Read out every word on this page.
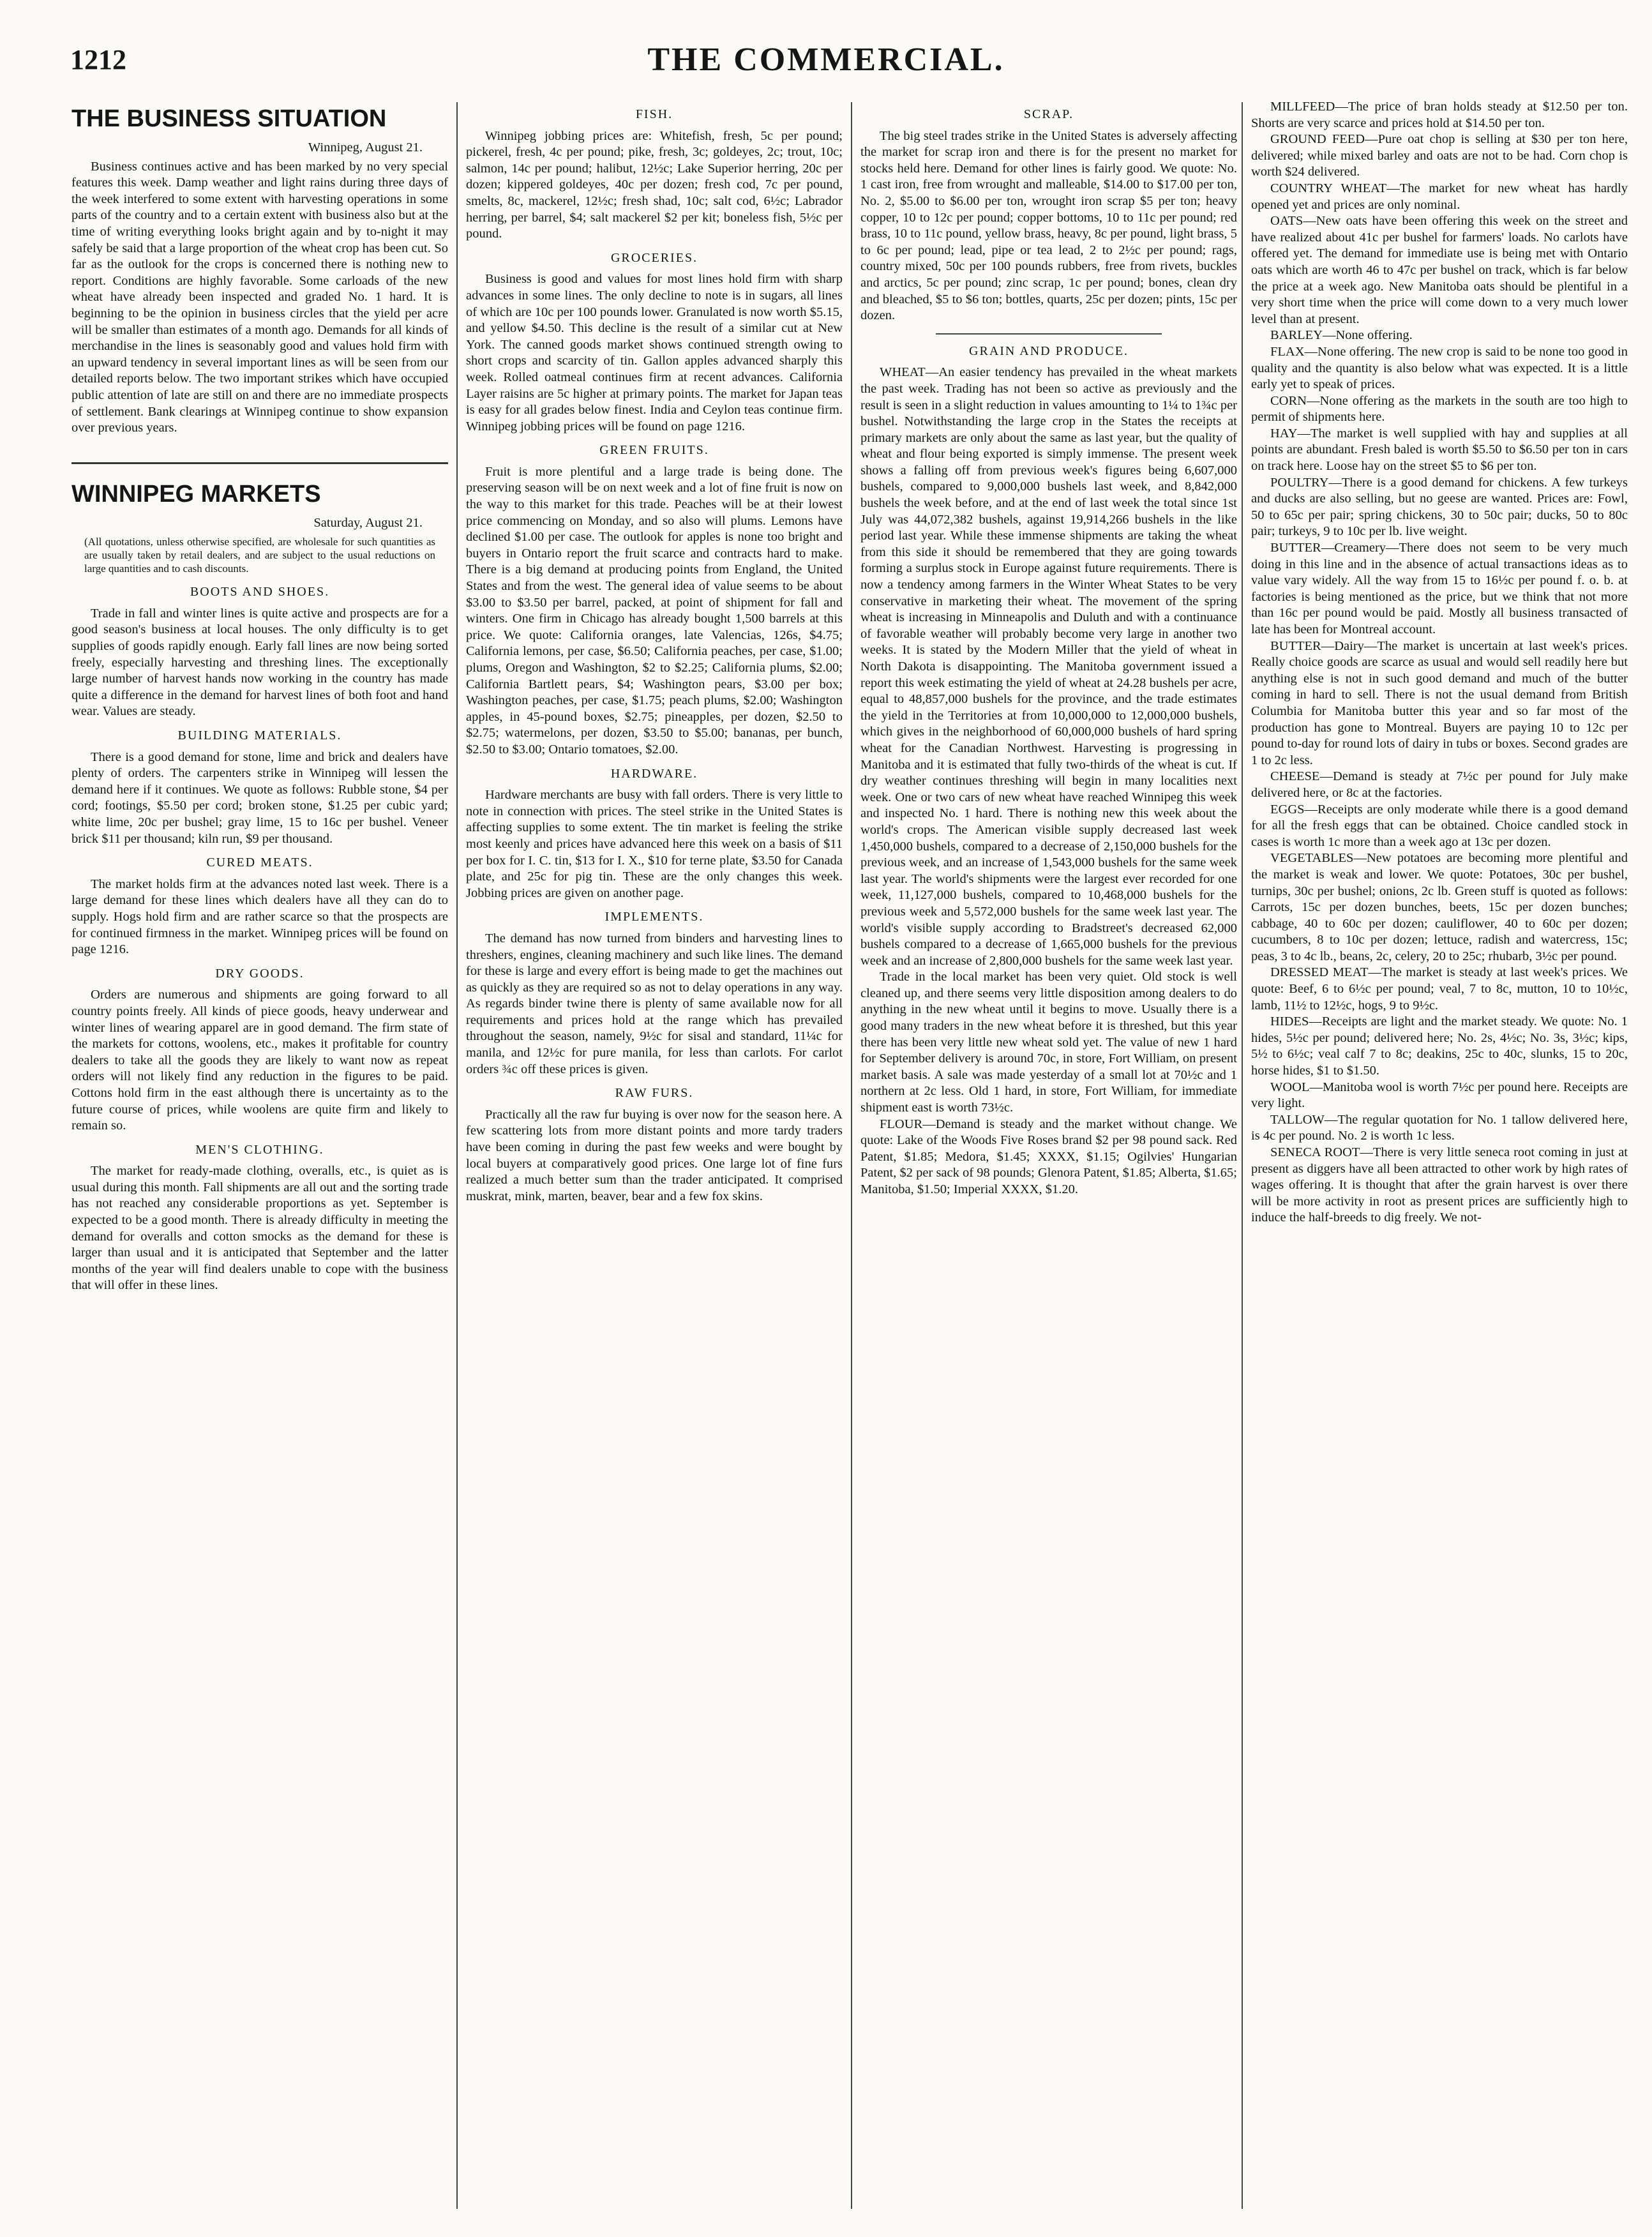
1212	THE COMMERCIAL.
THE BUSINESS SITUATION
Winnipeg, August 21.

Business continues active and has been marked by no very special features this week. Damp weather and light rains during three days of the week interfered to some extent with harvesting operations in some parts of the country and to a certain extent with business also but at the time of writing everything looks bright again and by to-night it may safely be said that a large proportion of the wheat crop has been cut. So far as the outlook for the crops is concerned there is nothing new to report. Conditions are highly favorable. Some carloads of the new wheat have already been inspected and graded No. 1 hard. It is beginning to be the opinion in business circles that the yield per acre will be smaller than estimates of a month ago. Demands for all kinds of merchandise in the lines is seasonably good and values hold firm with an upward tendency in several important lines as will be seen from our detailed reports below. The two important strikes which have occupied public attention of late are still on and there are no immediate prospects of settlement. Bank clearings at Winnipeg continue to show expansion over previous years.

WINNIPEG MARKETS
Saturday, August 21.
(All quotations, unless otherwise specified, are wholesale for such quantities as are usually taken by retail dealers, and are subject to the usual reductions on large quantities and to cash discounts.
BOOTS AND SHOES.

Trade in fall and winter lines is quite active and prospects are for a good season's business at local houses. The only difficulty is to get supplies of goods rapidly enough. Early fall lines are now being sorted freely, especially harvesting and threshing lines. The exceptionally large number of harvest hands now working in the country has made quite a difference in the demand for harvest lines of both foot and hand wear. Values are steady.

BUILDING MATERIALS.

There is a good demand for stone, lime and brick and dealers have plenty of orders. The carpenters strike in Winnipeg will lessen the demand here if it continues. We quote as follows: Rubble stone, $4 per cord; footings, $5.50 per cord; broken stone, $1.25 per cubic yard; white lime, 20c per bushel; gray lime, 15 to 16c per bushel. Veneer brick $11 per thousand; kiln run, $9 per thousand.

CURED MEATS.

The market holds firm at the advances noted last week. There is a large demand for these lines which dealers have all they can do to supply. Hogs hold firm and are rather scarce so that the prospects are for continued firmness in the market. Winnipeg prices will be found on page 1216.

DRY GOODS.

Orders are numerous and shipments are going forward to all country points freely. All kinds of piece goods, heavy underwear and winter lines of wearing apparel are in good demand. The firm state of the markets for cottons, woolens, etc., makes it profitable for country dealers to take all the goods they are likely to want now as repeat orders will not likely find any reduction in the figures to be paid. Cottons hold firm in the east although there is uncertainty as to the future course of prices, while woolens are quite firm and likely to remain so.

MEN'S CLOTHING.

The market for ready-made clothing, overalls, etc., is quiet as is usual during this month. Fall shipments are all out and the sorting trade has not reached any considerable proportions as yet. September is expected to be a good month. There is already difficulty in meeting the demand for overalls and cotton smocks as the demand for these is larger than usual and it is anticipated that September and the latter months of the year will find dealers unable to cope with the business that will offer in these lines.

FISH.

Winnipeg jobbing prices are: Whitefish, fresh, 5c per pound; pickerel, fresh, 4c per pound; pike, fresh, 3c; goldeyes, 2c; trout, 10c; salmon, 14c per pound; halibut, 12½c; Lake Superior herring, 20c per dozen; kippered goldeyes, 40c per dozen; fresh cod, 7c per pound, smelts, 8c, mackerel, 12½c; fresh shad, 10c; salt cod, 6½c; Labrador herring, per barrel, $4; salt mackerel $2 per kit; boneless fish, 5½c per pound.

GROCERIES.

Business is good and values for most lines hold firm with sharp advances in some lines. The only decline to note is in sugars, all lines of which are 10c per 100 pounds lower. Granulated is now worth $5.15, and yellow $4.50. This decline is the result of a similar cut at New York. The canned goods market shows continued strength owing to short crops and scarcity of tin. Gallon apples advanced sharply this week. Rolled oatmeal continues firm at recent advances. California Layer raisins are 5c higher at primary points. The market for Japan teas is easy for all grades below finest. India and Ceylon teas continue firm. Winnipeg jobbing prices will be found on page 1216.

GREEN FRUITS.

Fruit is more plentiful and a large trade is being done. The preserving season will be on next week and a lot of fine fruit is now on the way to this market for this trade. Peaches will be at their lowest price commencing on Monday, and so also will plums. Lemons have declined $1.00 per case. The outlook for apples is none too bright and buyers in Ontario report the fruit scarce and contracts hard to make. There is a big demand at producing points from England, the United States and from the west. The general idea of value seems to be about $3.00 to $3.50 per barrel, packed, at point of shipment for fall and winters. One firm in Chicago has already bought 1,500 barrels at this price. We quote: California oranges, late Valencias, 126s, $4.75; California lemons, per case, $6.50; California peaches, per case, $1.00; plums, Oregon and Washington, $2 to $2.25; California plums, $2.00; California Bartlett pears, $4; Washington pears, $3.00 per box; Washington peaches, per case, $1.75; peach plums, $2.00; Washington apples, in 45-pound boxes, $2.75; pineapples, per dozen, $2.50 to $2.75; watermelons, per dozen, $3.50 to $5.00; bananas, per bunch, $2.50 to $3.00; Ontario tomatoes, $2.00.

HARDWARE.

Hardware merchants are busy with fall orders. There is very little to note in connection with prices. The steel strike in the United States is affecting supplies to some extent. The tin market is feeling the strike most keenly and prices have advanced here this week on a basis of $11 per box for I. C. tin, $13 for I. X., $10 for terne plate, $3.50 for Canada plate, and 25c for pig tin. These are the only changes this week. Jobbing prices are given on another page.

IMPLEMENTS.

The demand has now turned from binders and harvesting lines to threshers, engines, cleaning machinery and such like lines. The demand for these is large and every effort is being made to get the machines out as quickly as they are required so as not to delay operations in any way. As regards binder twine there is plenty of same available now for all requirements and prices hold at the range which has prevailed throughout the season, namely, 9½c for sisal and standard, 11¼c for manila, and 12½c for pure manila, for less than carlots. For carlot orders ¾c off these prices is given.

RAW FURS.

Practically all the raw fur buying is over now for the season here. A few scattering lots from more distant points and more tardy traders have been coming in during the past few weeks and were bought by local buyers at comparatively good prices. One large lot of fine furs realized a much better sum than the trader anticipated. It comprised muskrat, mink, marten, beaver, bear and a few fox skins.

SCRAP.

The big steel trades strike in the United States is adversely affecting the market for scrap iron and there is for the present no market for stocks held here. Demand for other lines is fairly good. We quote: No. 1 cast iron, free from wrought and malleable, $14.00 to $17.00 per ton, No. 2, $5.00 to $6.00 per ton, wrought iron scrap $5 per ton; heavy copper, 10 to 12c per pound; copper bottoms, 10 to 11c per pound; red brass, 10 to 11c pound, yellow brass, heavy, 8c per pound, light brass, 5 to 6c per pound; lead, pipe or tea lead, 2 to 2½c per pound; rags, country mixed, 50c per 100 pounds rubbers, free from rivets, buckles and arctics, 5c per pound; zinc scrap, 1c per pound; bones, clean dry and bleached, $5 to $6 ton; bottles, quarts, 25c per dozen; pints, 15c per dozen.

GRAIN AND PRODUCE.

WHEAT—An easier tendency has prevailed in the wheat markets the past week. Trading has not been so active as previously and the result is seen in a slight reduction in values amounting to 1¼ to 1¾c per bushel. Notwithstanding the large crop in the States the receipts at primary markets are only about the same as last year, but the quality of wheat and flour being exported is simply immense. The present week shows a falling off from previous week's figures being 6,607,000 bushels, compared to 9,000,000 bushels last week, and 8,842,000 bushels the week before, and at the end of last week the total since 1st July was 44,072,382 bushels, against 19,914,266 bushels in the like period last year. While these immense shipments are taking the wheat from this side it should be remembered that they are going towards forming a surplus stock in Europe against future requirements. There is now a tendency among farmers in the Winter Wheat States to be very conservative in marketing their wheat. The movement of the spring wheat is increasing in Minneapolis and Duluth and with a continuance of favorable weather will probably become very large in another two weeks. It is stated by the Modern Miller that the yield of wheat in North Dakota is disappointing. The Manitoba government issued a report this week estimating the yield of wheat at 24.28 bushels per acre, equal to 48,857,000 bushels for the province, and the trade estimates the yield in the Territories at from 10,000,000 to 12,000,000 bushels, which gives in the neighborhood of 60,000,000 bushels of hard spring wheat for the Canadian Northwest. Harvesting is progressing in Manitoba and it is estimated that fully two-thirds of the wheat is cut. If dry weather continues threshing will begin in many localities next week. One or two cars of new wheat have reached Winnipeg this week and inspected No. 1 hard. There is nothing new this week about the world's crops. The American visible supply decreased last week 1,450,000 bushels, compared to a decrease of 2,150,000 bushels for the previous week, and an increase of 1,543,000 bushels for the same week last year. The world's shipments were the largest ever recorded for one week, 11,127,000 bushels, compared to 10,468,000 bushels for the previous week and 5,572,000 bushels for the same week last year. The world's visible supply according to Bradstreet's decreased 62,000 bushels compared to a decrease of 1,665,000 bushels for the previous week and an increase of 2,800,000 bushels for the same week last year.

Trade in the local market has been very quiet. Old stock is well cleaned up, and there seems very little disposition among dealers to do anything in the new wheat until it begins to move. Usually there is a good many traders in the new wheat before it is threshed, but this year there has been very little new wheat sold yet. The value of new 1 hard for September delivery is around 70c, in store, Fort William, on present market basis. A sale was made yesterday of a small lot at 70½c and 1 northern at 2c less. Old 1 hard, in store, Fort William, for immediate shipment east is worth 73½c.

FLOUR—Demand is steady and the market without change. We quote: Lake of the Woods Five Roses brand $2 per 98 pound sack. Red Patent, $1.85; Medora, $1.45; XXXX, $1.15; Ogilvies' Hungarian Patent, $2 per sack of 98 pounds; Glenora Patent, $1.85; Alberta, $1.65; Manitoba, $1.50; Imperial XXXX, $1.20.

MILLFEED—The price of bran holds steady at $12.50 per ton. Shorts are very scarce and prices hold at $14.50 per ton.

GROUND FEED—Pure oat chop is selling at $30 per ton here, delivered; while mixed barley and oats are not to be had. Corn chop is worth $24 delivered.

COUNTRY WHEAT—The market for new wheat has hardly opened yet and prices are only nominal.

OATS—New oats have been offering this week on the street and have realized about 41c per bushel for farmers' loads. No carlots have offered yet. The demand for immediate use is being met with Ontario oats which are worth 46 to 47c per bushel on track, which is far below the price at a week ago. New Manitoba oats should be plentiful in a very short time when the price will come down to a very much lower level than at present.

BARLEY—None offering.

FLAX—None offering. The new crop is said to be none too good in quality and the quantity is also below what was expected. It is a little early yet to speak of prices.

CORN—None offering as the markets in the south are too high to permit of shipments here.

HAY—The market is well supplied with hay and supplies at all points are abundant. Fresh baled is worth $5.50 to $6.50 per ton in cars on track here. Loose hay on the street $5 to $6 per ton.

POULTRY—There is a good demand for chickens. A few turkeys and ducks are also selling, but no geese are wanted. Prices are: Fowl, 50 to 65c per pair; spring chickens, 30 to 50c pair; ducks, 50 to 80c pair; turkeys, 9 to 10c per lb. live weight.

BUTTER—Creamery—There does not seem to be very much doing in this line and in the absence of actual transactions ideas as to value vary widely. All the way from 15 to 16½c per pound f. o. b. at factories is being mentioned as the price, but we think that not more than 16c per pound would be paid. Mostly all business transacted of late has been for Montreal account.

BUTTER—Dairy—The market is uncertain at last week's prices. Really choice goods are scarce as usual and would sell readily here but anything else is not in such good demand and much of the butter coming in hard to sell. There is not the usual demand from British Columbia for Manitoba butter this year and so far most of the production has gone to Montreal. Buyers are paying 10 to 12c per pound to-day for round lots of dairy in tubs or boxes. Second grades are 1 to 2c less.

CHEESE—Demand is steady at 7½c per pound for July make delivered here, or 8c at the factories.

EGGS—Receipts are only moderate while there is a good demand for all the fresh eggs that can be obtained. Choice candled stock in cases is worth 1c more than a week ago at 13c per dozen.

VEGETABLES—New potatoes are becoming more plentiful and the market is weak and lower. We quote: Potatoes, 30c per bushel, turnips, 30c per bushel; onions, 2c lb. Green stuff is quoted as follows: Carrots, 15c per dozen bunches, beets, 15c per dozen bunches; cabbage, 40 to 60c per dozen; cauliflower, 40 to 60c per dozen; cucumbers, 8 to 10c per dozen; lettuce, radish and watercress, 15c; peas, 3 to 4c lb., beans, 2c, celery, 20 to 25c; rhubarb, 3½c per pound.

DRESSED MEAT—The market is steady at last week's prices. We quote: Beef, 6 to 6½c per pound; veal, 7 to 8c, mutton, 10 to 10½c, lamb, 11½ to 12½c, hogs, 9 to 9½c.

HIDES—Receipts are light and the market steady. We quote: No. 1 hides, 5½c per pound; delivered here; No. 2s, 4½c; No. 3s, 3½c; kips, 5½ to 6½c; veal calf 7 to 8c; deakins, 25c to 40c, slunks, 15 to 20c, horse hides, $1 to $1.50.

WOOL—Manitoba wool is worth 7½c per pound here. Receipts are very light.

TALLOW—The regular quotation for No. 1 tallow delivered here, is 4c per pound. No. 2 is worth 1c less.

SENECA ROOT—There is very little seneca root coming in just at present as diggers have all been attracted to other work by high rates of wages offering. It is thought that after the grain harvest is over there will be more activity in root as present prices are sufficiently high to induce the half-breeds to dig freely. We not-
